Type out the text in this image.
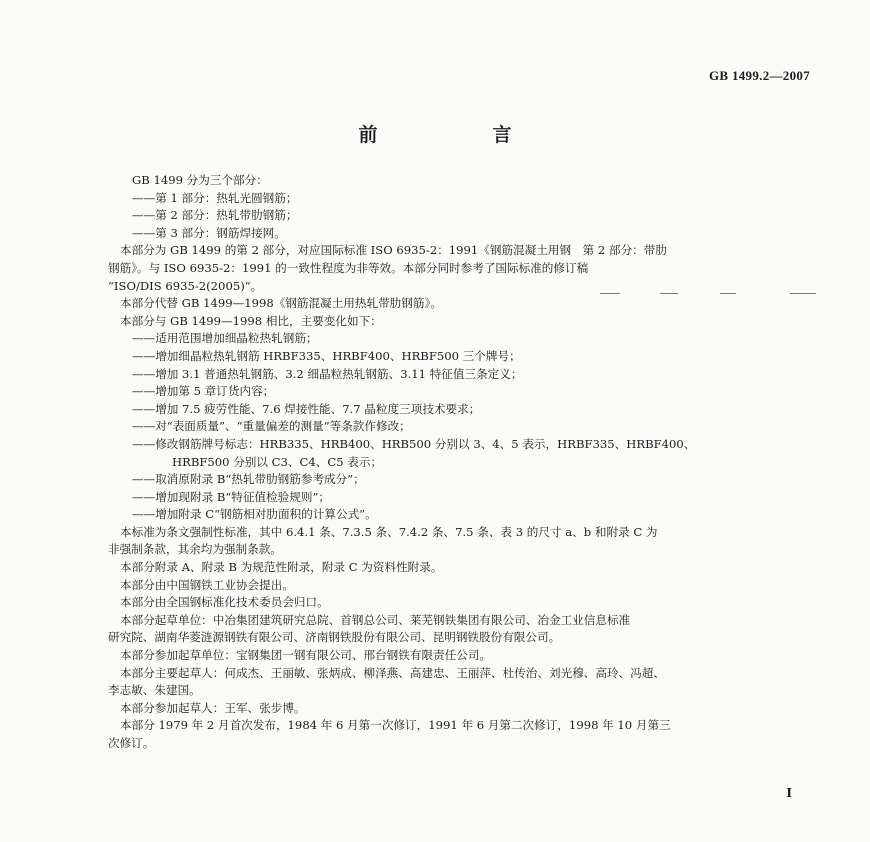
GB 1499.2—2007
前　言
GB 1499 分为三个部分：
——第 1 部分：热轧光圆钢筋；
——第 2 部分：热轧带肋钢筋；
——第 3 部分：钢筋焊接网。
本部分为 GB 1499 的第 2 部分，对应国际标准 ISO 6935-2：1991《钢筋混凝土用钢　第 2 部分：带肋
钢筋》。与 ISO 6935-2：1991 的一致性程度为非等效。本部分同时参考了国际标准的修订稿
“ISO/DIS 6935-2(2005)”。
本部分代替 GB 1499—1998《钢筋混凝土用热轧带肋钢筋》。
本部分与 GB 1499—1998 相比，主要变化如下：
——适用范围增加细晶粒热轧钢筋；
——增加细晶粒热轧钢筋 HRBF335、HRBF400、HRBF500 三个牌号；
——增加 3.1 普通热轧钢筋、3.2 细晶粒热轧钢筋、3.11 特征值三条定义；
——增加第 5 章订货内容；
——增加 7.5 疲劳性能、7.6 焊接性能、7.7 晶粒度三项技术要求；
——对“表面质量”、“重量偏差的测量”等条款作修改；
——修改钢筋牌号标志：HRB335、HRB400、HRB500 分别以 3、4、5 表示，HRBF335、HRBF400、
HRBF500 分别以 C3、C4、C5 表示；
——取消原附录 B“热轧带肋钢筋参考成分”；
——增加现附录 B“特征值检验规则”；
——增加附录 C“钢筋相对肋面积的计算公式”。
本标准为条文强制性标准，其中 6.4.1 条、7.3.5 条、7.4.2 条、7.5 条、表 3 的尺寸 a、b 和附录 C 为
非强制条款，其余均为强制条款。
本部分附录 A、附录 B 为规范性附录，附录 C 为资料性附录。
本部分由中国钢铁工业协会提出。
本部分由全国钢标准化技术委员会归口。
本部分起草单位：中冶集团建筑研究总院、首钢总公司、莱芜钢铁集团有限公司、冶金工业信息标准
研究院、湖南华菱涟源钢铁有限公司、济南钢铁股份有限公司、昆明钢铁股份有限公司。
本部分参加起草单位：宝钢集团一钢有限公司、邢台钢铁有限责任公司。
本部分主要起草人：何成杰、王丽敏、张炳成、柳泽燕、高建忠、王丽萍、杜传治、刘光穆、高玲、冯超、
李志敏、朱建国。
本部分参加起草人：王军、张步博。
本部分 1979 年 2 月首次发布，1984 年 6 月第一次修订，1991 年 6 月第二次修订，1998 年 10 月第三
次修订。
I
